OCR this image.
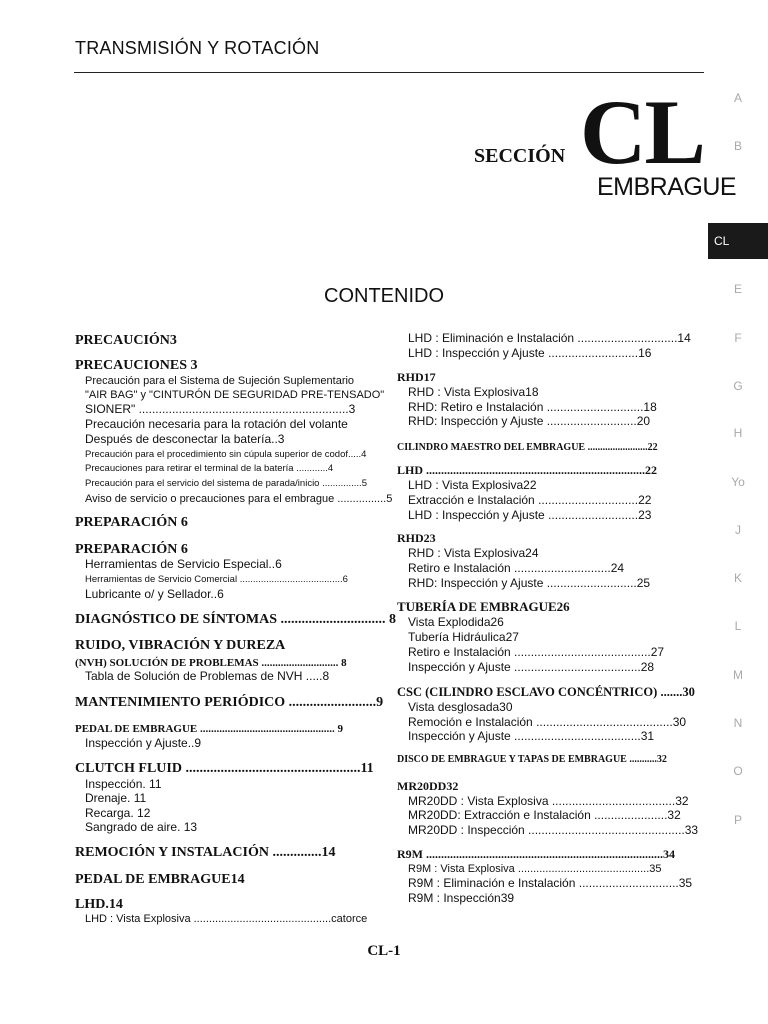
TRANSMISIÓN Y ROTACIÓN
SECCIÓN CL
EMBRAGUE
A
B
CL
E
F
G
H
Yo
J
K
L
M
N
O
P
CONTENIDO
PRECAUCIÓN3
PRECAUCIONES 3
Precaución para el Sistema de Sujeción Suplementario
"AIR BAG" y "CINTURÓN DE SEGURIDAD PRE-TENSADO"
SIONER" ...............................................................3
Precaución necesaria para la rotación del volante
Después de desconectar la batería..3
Precaución para el procedimiento sin cúpula superior de codof.....4
Precauciones para retirar el terminal de la batería ............4
Precaución para el servicio del sistema de parada/inicio ...............5
Aviso de servicio o precauciones para el embrague ................5
PREPARACIÓN 6
PREPARACIÓN 6
Herramientas de Servicio Especial..6
Herramientas de Servicio Comercial .......................................6
Lubricante o/ y Sellador..6
DIAGNÓSTICO DE SÍNTOMAS .............................. 8
RUIDO, VIBRACIÓN Y DUREZA
(NVH) SOLUCIÓN DE PROBLEMAS ............................ 8
Tabla de Solución de Problemas de NVH .....8
MANTENIMIENTO PERIÓDICO .........................9
PEDAL DE EMBRAGUE ................................................. 9
Inspección y Ajuste..9
CLUTCH FLUID ..................................................11
Inspección. 11
Drenaje. 11
Recarga. 12
Sangrado de aire. 13
REMOCIÓN Y INSTALACIÓN ..............14
PEDAL DE EMBRAGUE14
LHD.14
LHD : Vista Explosiva .............................................catorce
LHD : Eliminación e Instalación ..............................14
LHD : Inspección y Ajuste ...........................16
RHD17
RHD : Vista Explosiva18
RHD: Retiro e Instalación .............................18
RHD: Inspección y Ajuste ...........................20
CILINDRO MAESTRO DEL EMBRAGUE ........................22
LHD .........................................................................22
LHD : Vista Explosiva22
Extracción e Instalación ..............................22
LHD : Inspección y Ajuste ...........................23
RHD23
RHD : Vista Explosiva24
Retiro e Instalación .............................24
RHD: Inspección y Ajuste ...........................25
TUBERÍA DE EMBRAGUE26
Vista Explodida26
Tubería Hidráulica27
Retiro e Instalación .........................................27
Inspección y Ajuste ......................................28
CSC (CILINDRO ESCLAVO CONCÉNTRICO) .......30
Vista desglosada30
Remoción e Instalación .........................................30
Inspección y Ajuste ......................................31
DISCO DE EMBRAGUE Y TAPAS DE EMBRAGUE ...........32
MR20DD32
MR20DD : Vista Explosiva .....................................32
MR20DD: Extracción e Instalación ......................32
MR20DD : Inspección ...............................................33
R9M ...............................................................................34
R9M : Vista Explosiva ...........................................35
R9M : Eliminación e Instalación ..............................35
R9M : Inspección39
CL-1
